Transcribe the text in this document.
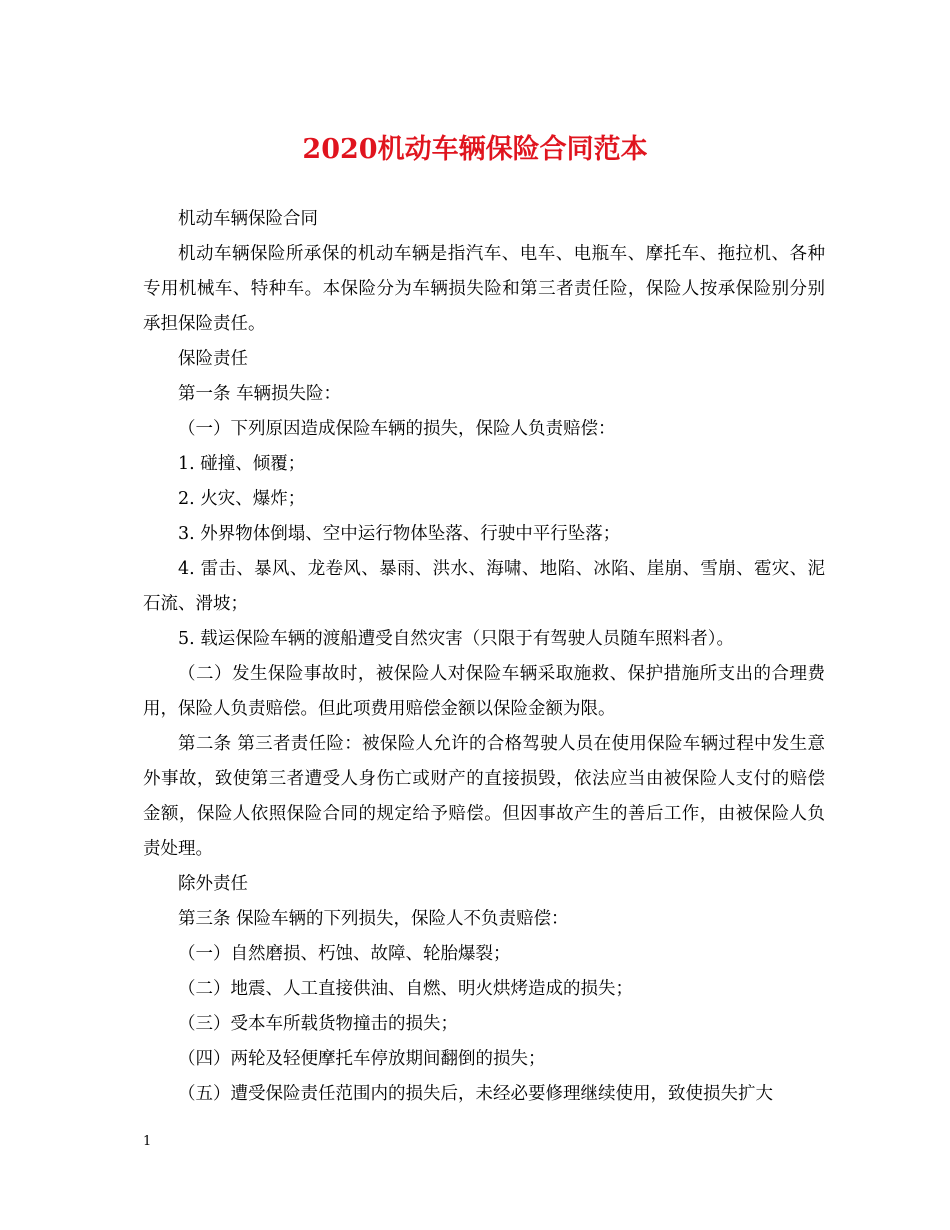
2020机动车辆保险合同范本

机动车辆保险合同

机动车辆保险所承保的机动车辆是指汽车、电车、电瓶车、摩托车、拖拉机、各种专用机械车、特种车。本保险分为车辆损失险和第三者责任险，保险人按承保险别分别承担保险责任。

保险责任

第一条 车辆损失险：

（一）下列原因造成保险车辆的损失，保险人负责赔偿：

1. 碰撞、倾覆；

2. 火灾、爆炸；

3. 外界物体倒塌、空中运行物体坠落、行驶中平行坠落；

4. 雷击、暴风、龙卷风、暴雨、洪水、海啸、地陷、冰陷、崖崩、雪崩、雹灾、泥石流、滑坡；

5. 载运保险车辆的渡船遭受自然灾害（只限于有驾驶人员随车照料者）。

（二）发生保险事故时，被保险人对保险车辆采取施救、保护措施所支出的合理费用，保险人负责赔偿。但此项费用赔偿金额以保险金额为限。

第二条 第三者责任险：被保险人允许的合格驾驶人员在使用保险车辆过程中发生意外事故，致使第三者遭受人身伤亡或财产的直接损毁，依法应当由被保险人支付的赔偿金额，保险人依照保险合同的规定给予赔偿。但因事故产生的善后工作，由被保险人负责处理。

除外责任

第三条 保险车辆的下列损失，保险人不负责赔偿：

（一）自然磨损、朽蚀、故障、轮胎爆裂；

（二）地震、人工直接供油、自燃、明火烘烤造成的损失；

（三）受本车所载货物撞击的损失；

（四）两轮及轻便摩托车停放期间翻倒的损失；

（五）遭受保险责任范围内的损失后，未经必要修理继续使用，致使损失扩大

1
